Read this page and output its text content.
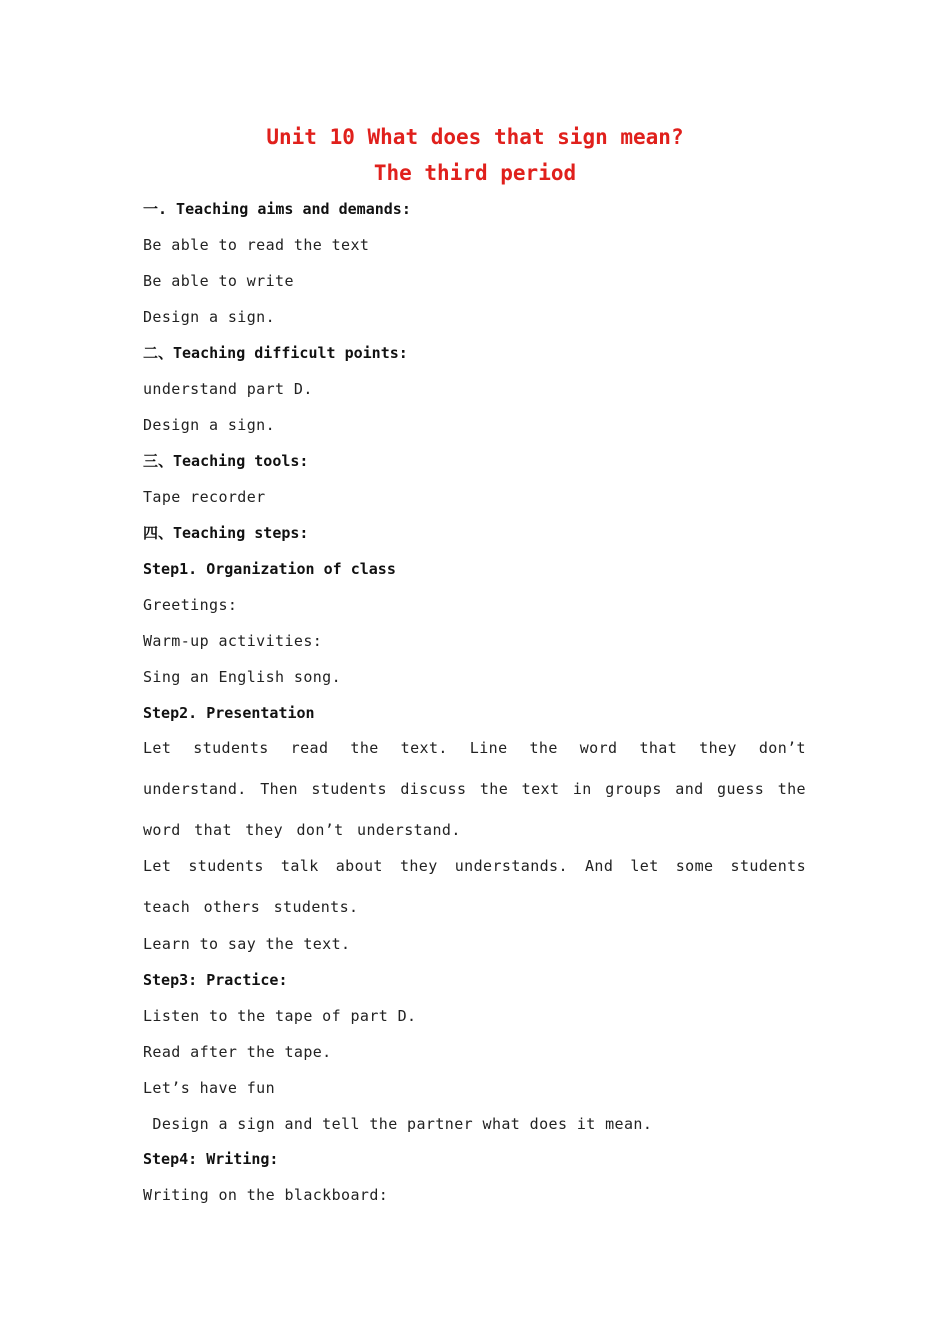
Unit 10 What does that sign mean?
The third period
一. Teaching aims and demands:
Be able to read the text
Be able to write
Design a sign.
二、Teaching difficult points:
understand part D.
Design a sign.
三、Teaching tools:
Tape recorder
四、Teaching steps:
Step1. Organization of class
Greetings:
Warm-up activities:
Sing an English song.
Step2. Presentation
Let students read the text. Line the word that they don’t understand. Then students discuss the text in groups and guess the word that they don’t understand.
Let students talk about they understands. And let some students teach others students.
Learn to say the text.
Step3: Practice:
Listen to the tape of part D.
Read after the tape.
Let’s have fun
Design a sign and tell the partner what does it mean.
Step4: Writing:
Writing on the blackboard:
